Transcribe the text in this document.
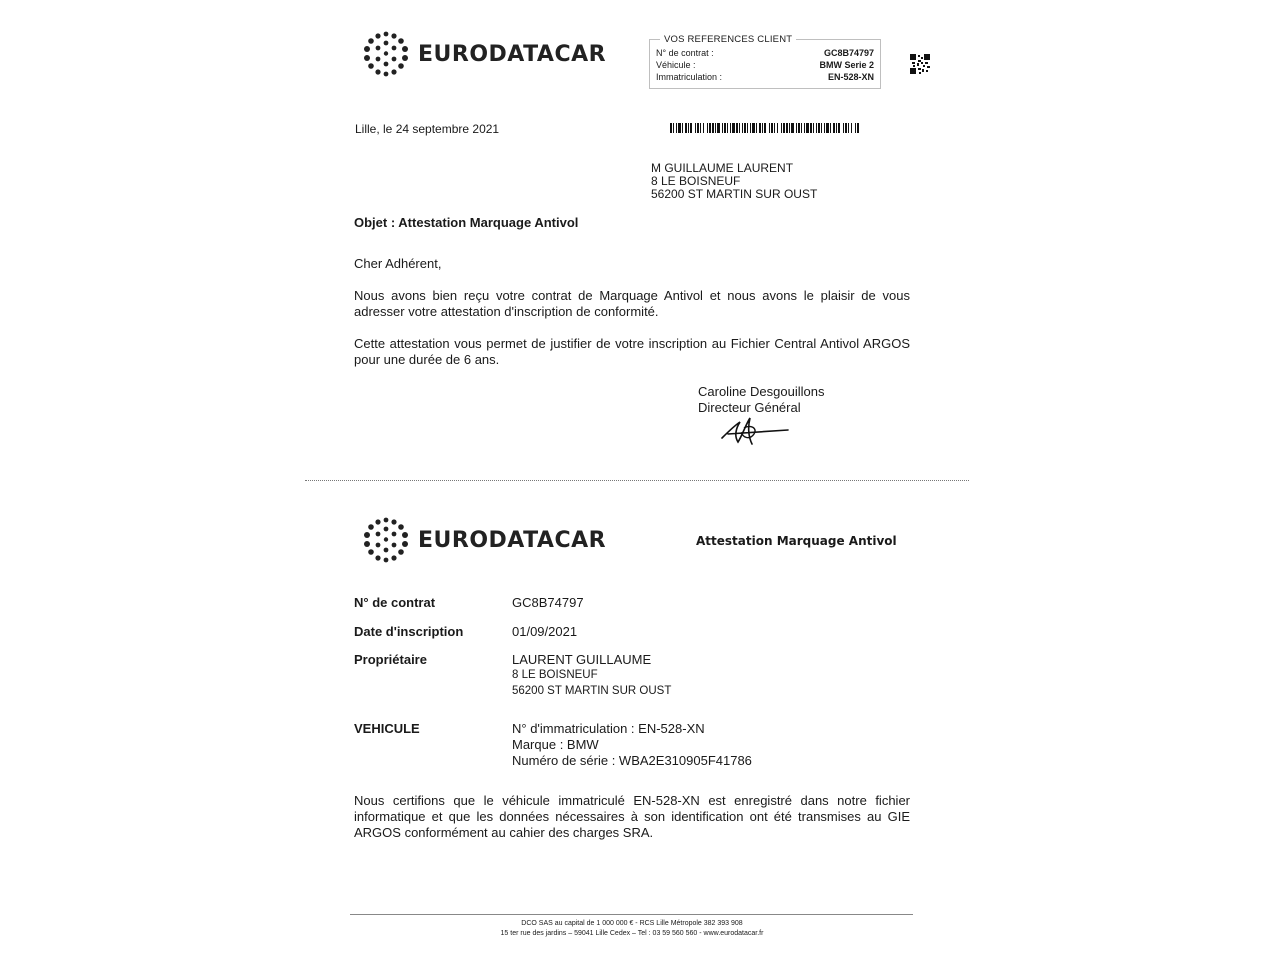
EURODATACAR
VOS REFERENCES CLIENT
N° de contrat :	GC8B74797
Véhicule :	BMW Serie 2
Immatriculation :	EN-528-XN
Lille, le 24 septembre 2021
M GUILLAUME LAURENT
8 LE BOISNEUF
56200 ST MARTIN SUR OUST
Objet : Attestation Marquage Antivol
Cher Adhérent,
Nous avons bien reçu votre contrat de Marquage Antivol et nous avons le plaisir de vous adresser votre attestation d'inscription de conformité.
Cette attestation vous permet de justifier de votre inscription au Fichier Central Antivol ARGOS pour une durée de 6 ans.
Caroline Desgouillons
Directeur Général
EURODATACAR	Attestation Marquage Antivol
N° de contrat	GC8B74797
Date d'inscription	01/09/2021
Propriétaire	LAURENT GUILLAUME
8 LE BOISNEUF
56200 ST MARTIN SUR OUST
VEHICULE	N° d'immatriculation : EN-528-XN
Marque : BMW
Numéro de série : WBA2E310905F41786
Nous certifions que le véhicule immatriculé EN-528-XN est enregistré dans notre fichier informatique et que les données nécessaires à son identification ont été transmises au GIE ARGOS conformément au cahier des charges SRA.
DCO SAS au capital de 1 000 000 € - RCS Lille Métropole 382 393 908
15 ter rue des jardins – 59041 Lille Cedex – Tel : 03 59 560 560 - www.eurodatacar.fr
